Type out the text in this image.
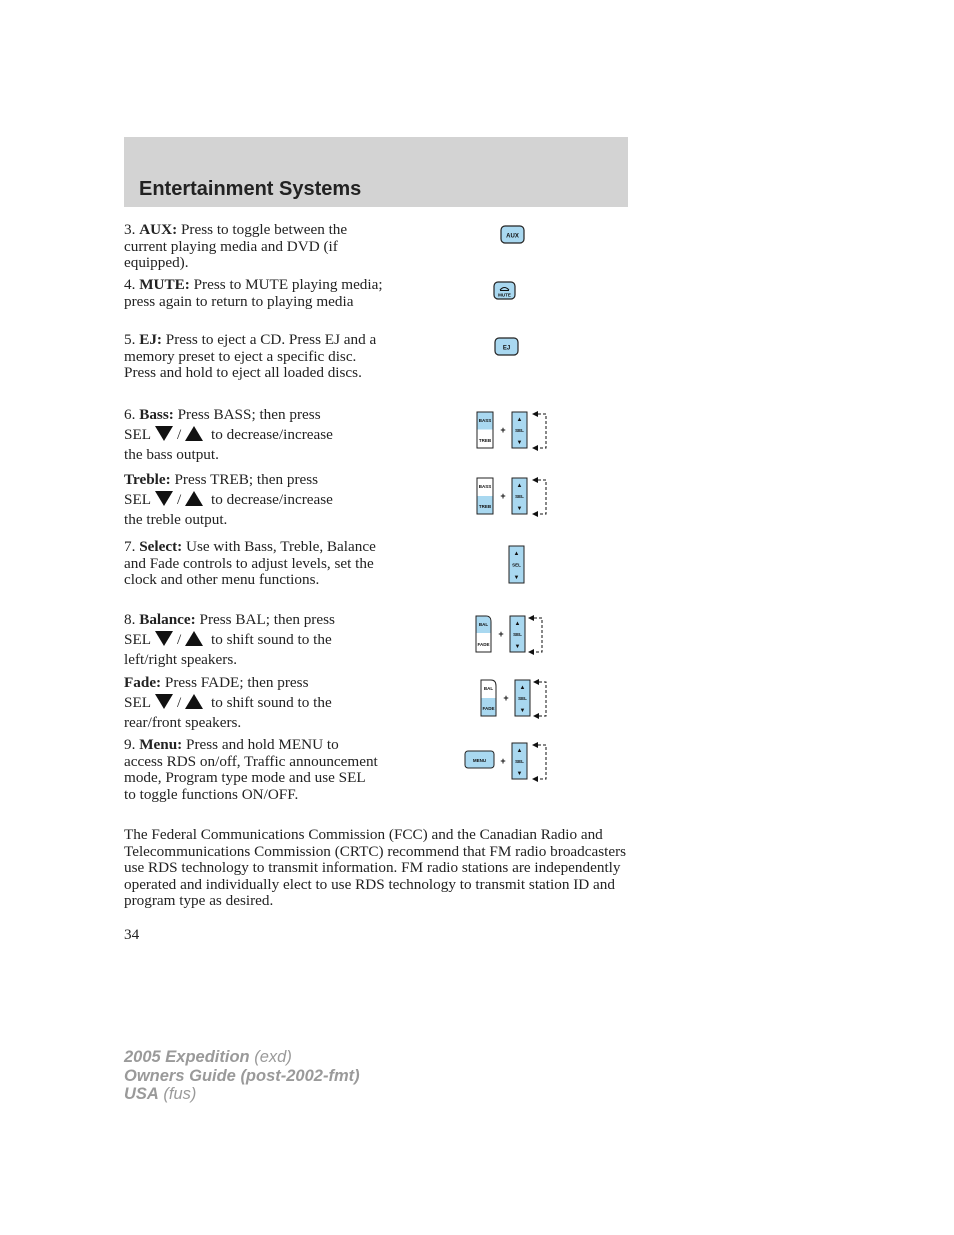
Entertainment Systems
3. AUX: Press to toggle between the current playing media and DVD (if equipped).
4. MUTE: Press to MUTE playing media; press again to return to playing media
5. EJ: Press to eject a CD. Press EJ and a memory preset to eject a specific disc. Press and hold to eject all loaded discs.
6. Bass: Press BASS; then press
SEL / to decrease/increase
the bass output.
Treble: Press TREB; then press
SEL / to decrease/increase
the treble output.
7. Select: Use with Bass, Treble, Balance and Fade controls to adjust levels, set the clock and other menu functions.
8. Balance: Press BAL; then press
SEL / to shift sound to the
left/right speakers.
Fade: Press FADE; then press
SEL / to shift sound to the
rear/front speakers.
9. Menu: Press and hold MENU to access RDS on/off, Traffic announcement mode, Program type mode and use SEL to toggle functions ON/OFF.
AUX
MUTE
EJ
BASS
TREB
+
▲
SEL
▼
BASS
TREB
+
▲
SEL
▼
▲
SEL
▼
BAL
FADE
+
▲
SEL
▼
BAL
FADE
+
▲
SEL
▼
MENU +
▲
SEL
▼
The Federal Communications Commission (FCC) and the Canadian Radio and Telecommunications Commission (CRTC) recommend that FM radio broadcasters use RDS technology to transmit information. FM radio stations are independently operated and individually elect to use RDS technology to transmit station ID and program type as desired.
34
2005 Expedition (exd)
Owners Guide (post-2002-fmt)
USA (fus)
